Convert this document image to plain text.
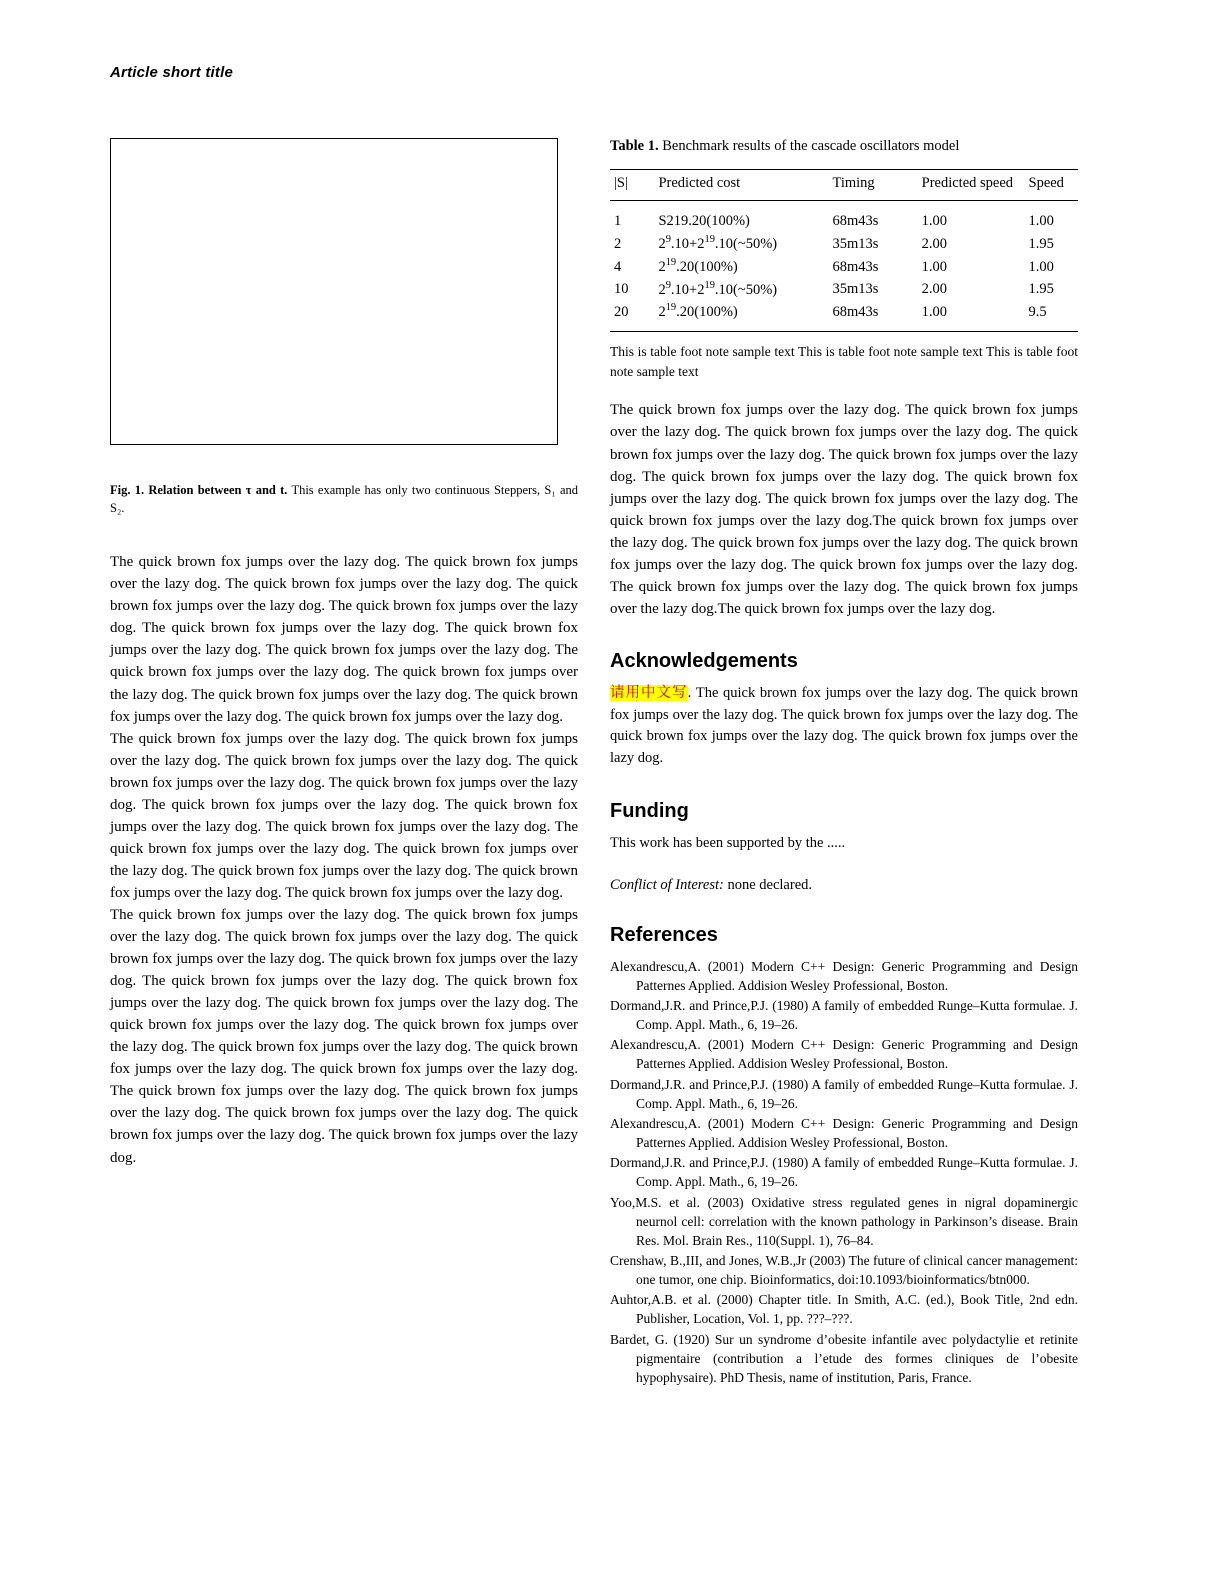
Article short title
Fig. 1. Relation between τ and t. This example has only two continuous Steppers, S₁ and S₂.

The quick brown fox jumps over the lazy dog. The quick brown fox jumps over the lazy dog. The quick brown fox jumps over the lazy dog. The quick brown fox jumps over the lazy dog. The quick brown fox jumps over the lazy dog. The quick brown fox jumps over the lazy dog. The quick brown fox jumps over the lazy dog. The quick brown fox jumps over the lazy dog. The quick brown fox jumps over the lazy dog. The quick brown fox jumps over the lazy dog. The quick brown fox jumps over the lazy dog. The quick brown fox jumps over the lazy dog. The quick brown fox jumps over the lazy dog.

The quick brown fox jumps over the lazy dog. The quick brown fox jumps over the lazy dog. The quick brown fox jumps over the lazy dog. The quick brown fox jumps over the lazy dog. The quick brown fox jumps over the lazy dog. The quick brown fox jumps over the lazy dog. The quick brown fox jumps over the lazy dog. The quick brown fox jumps over the lazy dog. The quick brown fox jumps over the lazy dog. The quick brown fox jumps over the lazy dog. The quick brown fox jumps over the lazy dog. The quick brown fox jumps over the lazy dog. The quick brown fox jumps over the lazy dog.

The quick brown fox jumps over the lazy dog. The quick brown fox jumps over the lazy dog. The quick brown fox jumps over the lazy dog. The quick brown fox jumps over the lazy dog. The quick brown fox jumps over the lazy dog. The quick brown fox jumps over the lazy dog. The quick brown fox jumps over the lazy dog. The quick brown fox jumps over the lazy dog. The quick brown fox jumps over the lazy dog. The quick brown fox jumps over the lazy dog. The quick brown fox jumps over the lazy dog. The quick brown fox jumps over the lazy dog. The quick brown fox jumps over the lazy dog. The quick brown fox jumps over the lazy dog. The quick brown fox jumps over the lazy dog. The quick brown fox jumps over the lazy dog. The quick brown fox jumps over the lazy dog. The quick brown fox jumps over the lazy dog.

Table 1. Benchmark results of the cascade oscillators model
|S|	Predicted cost	Timing	Predicted speed	Speed
1	S219.20(100%)	68m43s	1.00	1.00
2	$2^9.10+2^{19}.10(\sim 50\%)$	35m13s	2.00	1.95
4	$2^{19}.20(100\%)$	68m43s	1.00	1.00
10	$2^9.10+2^{19}.10(\sim 50\%)$	35m13s	2.00	1.95
20	$2^{19}.20(100\%)$	68m43s	1.00	9.5
This is table foot note sample text This is table foot note sample text This is table foot note sample text

The quick brown fox jumps over the lazy dog. The quick brown fox jumps over the lazy dog. The quick brown fox jumps over the lazy dog. The quick brown fox jumps over the lazy dog. The quick brown fox jumps over the lazy dog. The quick brown fox jumps over the lazy dog. The quick brown fox jumps over the lazy dog. The quick brown fox jumps over the lazy dog. The quick brown fox jumps over the lazy dog.The quick brown fox jumps over the lazy dog. The quick brown fox jumps over the lazy dog. The quick brown fox jumps over the lazy dog. The quick brown fox jumps over the lazy dog. The quick brown fox jumps over the lazy dog. The quick brown fox jumps over the lazy dog.The quick brown fox jumps over the lazy dog.

Acknowledgements

请用中文写. The quick brown fox jumps over the lazy dog. The quick brown fox jumps over the lazy dog. The quick brown fox jumps over the lazy dog. The quick brown fox jumps over the lazy dog. The quick brown fox jumps over the lazy dog.

Funding

This work has been supported by the .....

Conflict of Interest: none declared.

References

Alexandrescu,A. (2001) Modern C++ Design: Generic Programming and Design Patternes Applied. Addision Wesley Professional, Boston.

Dormand,J.R. and Prince,P.J. (1980) A family of embedded Runge–Kutta formulae. J. Comp. Appl. Math., 6, 19–26.

Alexandrescu,A. (2001) Modern C++ Design: Generic Programming and Design Patternes Applied. Addision Wesley Professional, Boston.

Dormand,J.R. and Prince,P.J. (1980) A family of embedded Runge–Kutta formulae. J. Comp. Appl. Math., 6, 19–26.

Alexandrescu,A. (2001) Modern C++ Design: Generic Programming and Design Patternes Applied. Addision Wesley Professional, Boston.

Dormand,J.R. and Prince,P.J. (1980) A family of embedded Runge–Kutta formulae. J. Comp. Appl. Math., 6, 19–26.

Yoo,M.S. et al. (2003) Oxidative stress regulated genes in nigral dopaminergic neurnol cell: correlation with the known pathology in Parkinson’s disease. Brain Res. Mol. Brain Res., 110(Suppl. 1), 76–84.

Crenshaw, B.,III, and Jones, W.B.,Jr (2003) The future of clinical cancer management: one tumor, one chip. Bioinformatics, doi:10.1093/bioinformatics/btn000.

Auhtor,A.B. et al. (2000) Chapter title. In Smith, A.C. (ed.), Book Title, 2nd edn. Publisher, Location, Vol. 1, pp. ???–???.

Bardet, G. (1920) Sur un syndrome d’obesite infantile avec polydactylie et retinite pigmentaire (contribution a l’etude des formes cliniques de l’obesite hypophysaire). PhD Thesis, name of institution, Paris, France.
